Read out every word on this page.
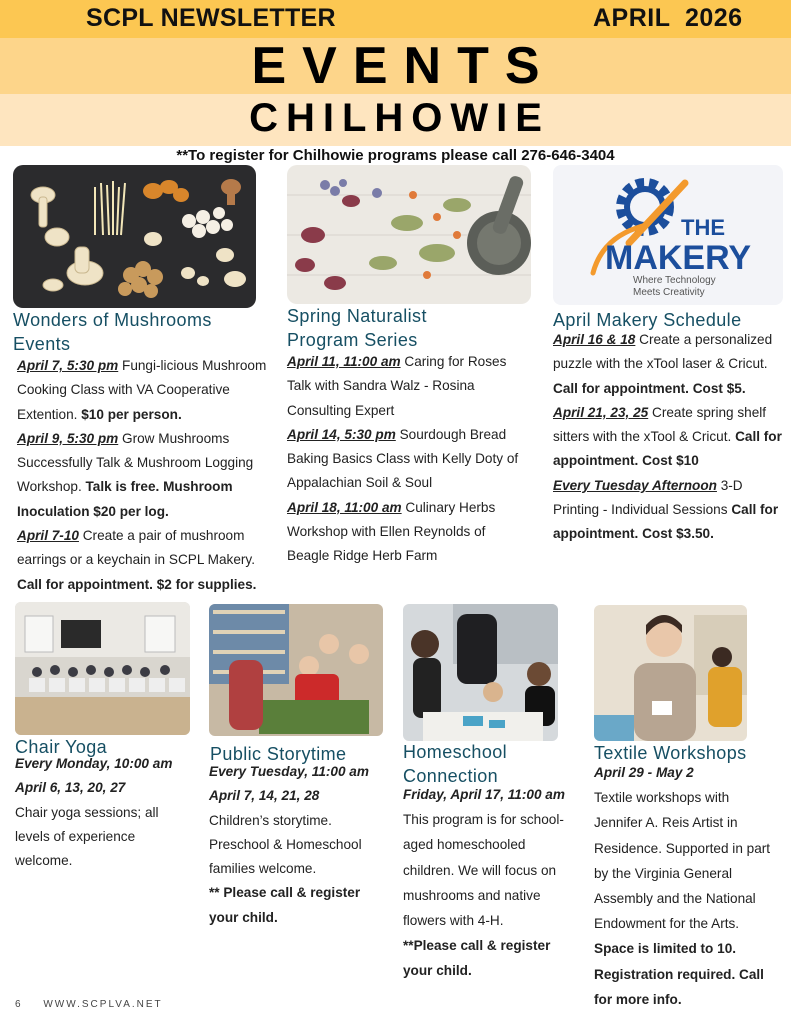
SCPL NEWSLETTER	APRIL  2026
EVENTS
CHILHOWIE
**To register for Chilhowie programs please call 276-646-3404
THE
MAKERY
Where Technology
Meets Creativity
Wonders of Mushrooms Events

April 7, 5:30 pm Fungi-licious Mushroom Cooking Class with VA Cooperative Extention. $10 per person.

April 9, 5:30 pm Grow Mushrooms Successfully Talk & Mushroom Logging Workshop. Talk is free. Mushroom Inoculation $20 per log.

April 7-10 Create a pair of mushroom earrings or a keychain in SCPL Makery. Call for appointment. $2 for supplies.

Spring Naturalist Program Series

April 11, 11:00 am Caring for Roses Talk with Sandra Walz - Rosina Consulting Expert

April 14, 5:30 pm Sourdough Bread Baking Basics Class with Kelly Doty of Appalachian Soil & Soul

April 18, 11:00 am Culinary Herbs Workshop with Ellen Reynolds of Beagle Ridge Herb Farm

April Makery Schedule

April 16 & 18 Create a personalized puzzle with the xTool laser & Cricut. Call for appointment. Cost $5.

April 21, 23, 25 Create spring shelf sitters with the xTool & Cricut. Call for appointment. Cost $10

Every Tuesday Afternoon 3-D Printing - Individual Sessions Call for appointment. Cost $3.50.

Chair Yoga

Every Monday, 10:00 am

April 6, 13, 20, 27

Chair yoga sessions; all levels of experience welcome.

Public Storytime

Every Tuesday, 11:00 am

April 7, 14, 21, 28

Children’s storytime. Preschool & Homeschool families welcome.

** Please call & register your child.

Homeschool Connection

Friday, April 17, 11:00 am

This program is for school-aged homeschooled children. We will focus on mushrooms and native flowers with 4-H.

**Please call & register your child.

Textile Workshops

April 29 - May 2

Textile workshops with Jennifer A. Reis Artist in Residence. Supported in part by the Virginia General Assembly and the National Endowment for the Arts. Space is limited to 10. Registration required. Call for more info.

6 WWW.SCPLVA.NET
